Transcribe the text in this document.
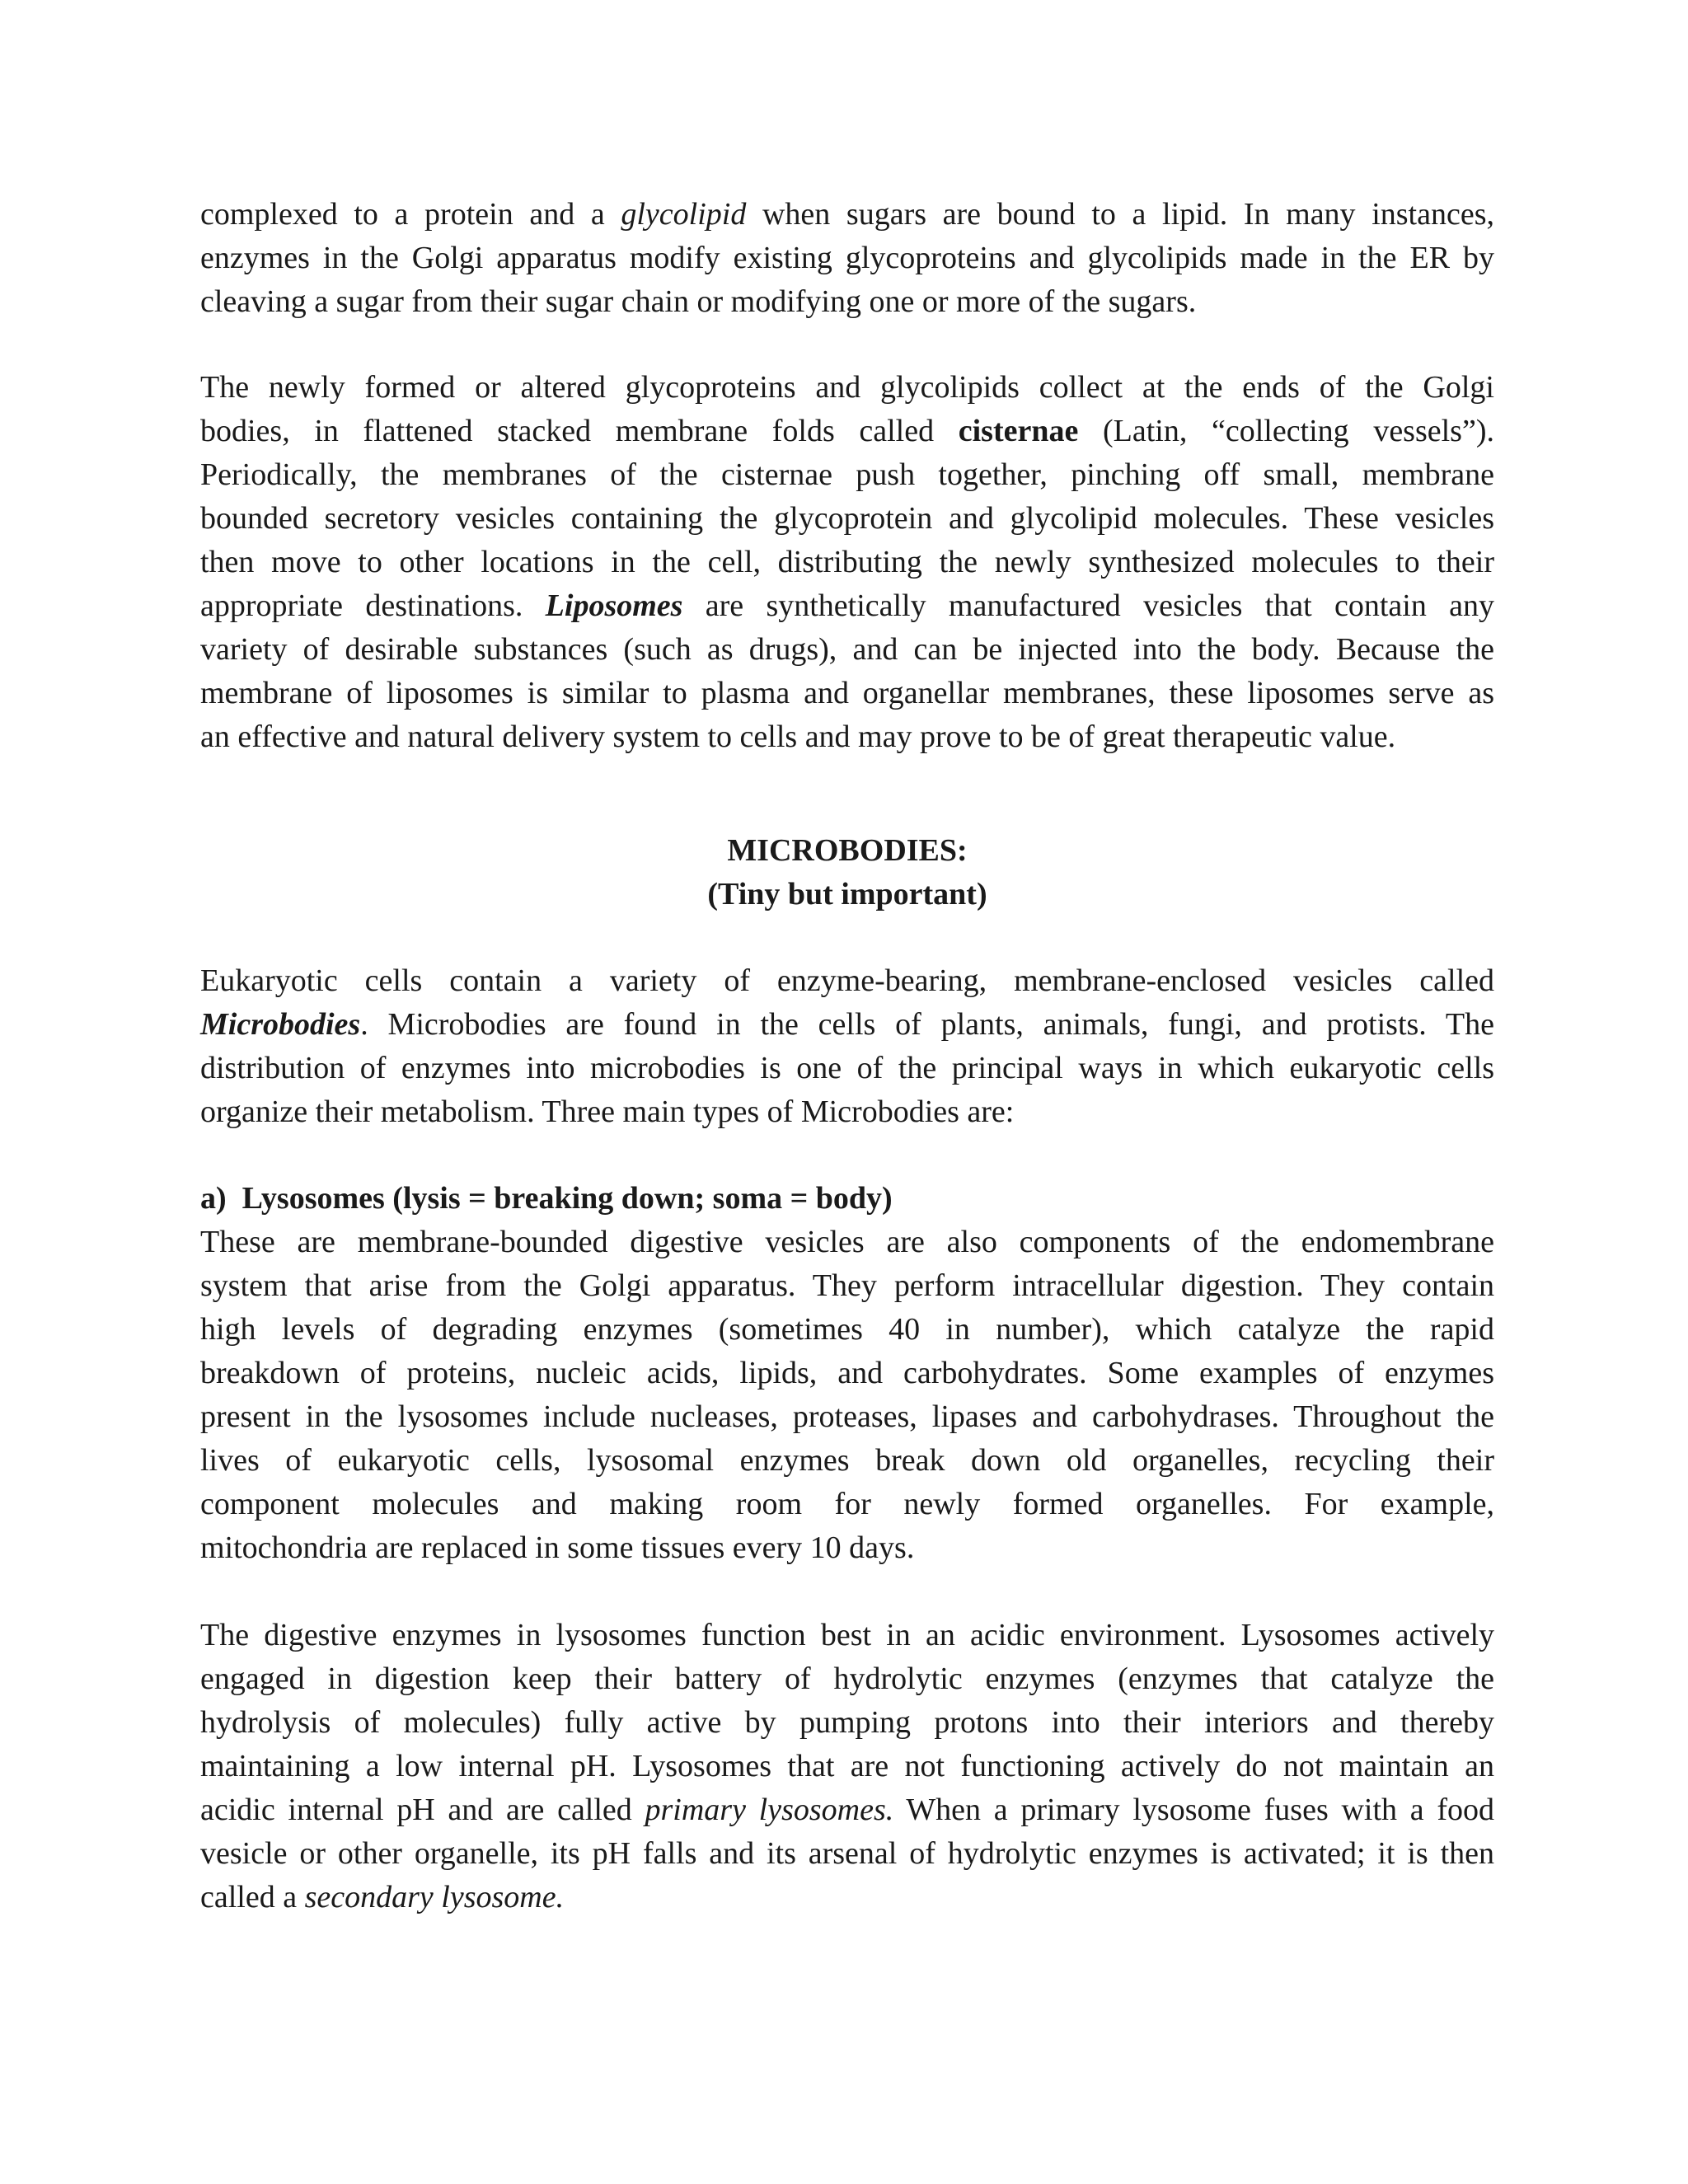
complexed to a protein and a glycolipid when sugars are bound to a lipid. In many instances,
enzymes in the Golgi apparatus modify existing glycoproteins and glycolipids made in the ER by
cleaving a sugar from their sugar chain or modifying one or more of the sugars.
The newly formed or altered glycoproteins and glycolipids collect at the ends of the Golgi
bodies, in flattened stacked membrane folds called cisternae (Latin, “collecting vessels”).
Periodically, the membranes of the cisternae push together, pinching off small, membrane
bounded secretory vesicles containing the glycoprotein and glycolipid molecules. These vesicles
then move to other locations in the cell, distributing the newly synthesized molecules to their
appropriate destinations. Liposomes are synthetically manufactured vesicles that contain any
variety of desirable substances (such as drugs), and can be injected into the body. Because the
membrane of liposomes is similar to plasma and organellar membranes, these liposomes serve as
an effective and natural delivery system to cells and may prove to be of great therapeutic value.
MICROBODIES:
(Tiny but important)
Eukaryotic cells contain a variety of enzyme-bearing, membrane-enclosed vesicles called
Microbodies. Microbodies are found in the cells of plants, animals, fungi, and protists. The
distribution of enzymes into microbodies is one of the principal ways in which eukaryotic cells
organize their metabolism. Three main types of Microbodies are:
a)  Lysosomes (lysis = breaking down; soma = body)
These are membrane-bounded digestive vesicles are also components of the endomembrane
system that arise from the Golgi apparatus. They perform intracellular digestion. They contain
high levels of degrading enzymes (sometimes 40 in number), which catalyze the rapid
breakdown of proteins, nucleic acids, lipids, and carbohydrates. Some examples of enzymes
present in the lysosomes include nucleases, proteases, lipases and carbohydrases. Throughout the
lives of eukaryotic cells, lysosomal enzymes break down old organelles, recycling their
component molecules and making room for newly formed organelles. For example,
mitochondria are replaced in some tissues every 10 days.
The digestive enzymes in lysosomes function best in an acidic environment. Lysosomes actively
engaged in digestion keep their battery of hydrolytic enzymes (enzymes that catalyze the
hydrolysis of molecules) fully active by pumping protons into their interiors and thereby
maintaining a low internal pH. Lysosomes that are not functioning actively do not maintain an
acidic internal pH and are called primary lysosomes. When a primary lysosome fuses with a food
vesicle or other organelle, its pH falls and its arsenal of hydrolytic enzymes is activated; it is then
called a secondary lysosome.
